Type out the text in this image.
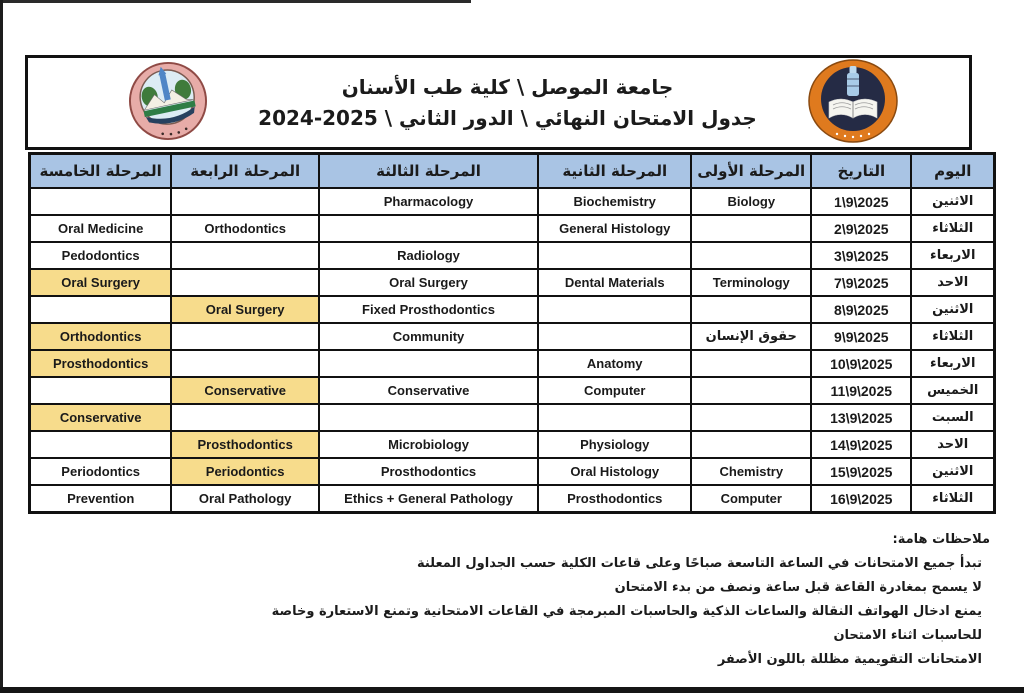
جامعة الموصل \ كلية طب الأسنان
جدول الامتحان النهائي \ الدور الثاني \ 2025-2024
المرحلة الخامسة	المرحلة الرابعة	المرحلة الثالثة	المرحلة الثانية	المرحلة الأولى	التاريخ	اليوم
		Pharmacology	Biochemistry	Biology	1\9\2025	الاثنين
Oral Medicine	Orthodontics		General Histology		2\9\2025	الثلاثاء
Pedodontics		Radiology			3\9\2025	الاربعاء
Oral Surgery		Oral Surgery	Dental Materials	Terminology	7\9\2025	الاحد
	Oral Surgery	Fixed Prosthodontics			8\9\2025	الاثنين
Orthodontics		Community		حقوق الإنسان	9\9\2025	الثلاثاء
Prosthodontics			Anatomy		10\9\2025	الاربعاء
	Conservative	Conservative	Computer		11\9\2025	الخميس
Conservative					13\9\2025	السبت
	Prosthodontics	Microbiology	Physiology		14\9\2025	الاحد
Periodontics	Periodontics	Prosthodontics	Oral Histology	Chemistry	15\9\2025	الاثنين
Prevention	Oral Pathology	Ethics + General Pathology	Prosthodontics	Computer	16\9\2025	الثلاثاء
ملاحظات هامة:
تبدأ جميع الامتحانات في الساعة التاسعة صباحًا وعلى قاعات الكلية حسب الجداول المعلنة
لا يسمح بمغادرة القاعة قبل ساعة ونصف من بدء الامتحان
يمنع ادخال الهواتف النقالة والساعات الذكية والحاسبات المبرمجة في القاعات الامتحانية وتمنع الاستعارة وخاصة للحاسبات اثناء الامتحان
الامتحانات التقويمية مظللة باللون الأصفر
